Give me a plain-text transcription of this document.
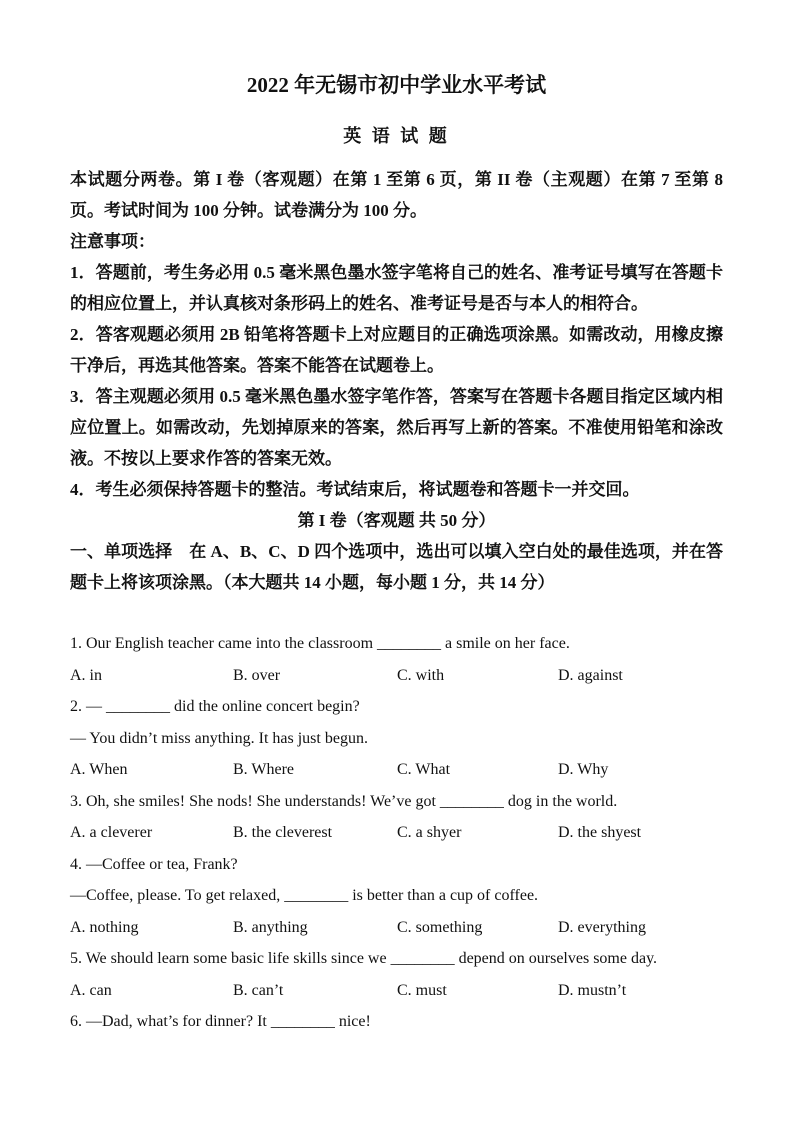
2022 年无锡市初中学业水平考试
英 语 试 题

本试题分两卷。第 I 卷（客观题）在第 1 至第 6 页，第 II 卷（主观题）在第 7 至第 8 页。考试时间为 100 分钟。试卷满分为 100 分。

注意事项：

1．答题前，考生务必用 0.5 毫米黑色墨水签字笔将自己的姓名、准考证号填写在答题卡的相应位置上，并认真核对条形码上的姓名、准考证号是否与本人的相符合。

2．答客观题必须用 2B 铅笔将答题卡上对应题目的正确选项涂黑。如需改动，用橡皮擦干净后，再选其他答案。答案不能答在试题卷上。

3．答主观题必须用 0.5 毫米黑色墨水签字笔作答，答案写在答题卡各题目指定区域内相应位置上。如需改动，先划掉原来的答案，然后再写上新的答案。不准使用铅笔和涂改液。不按以上要求作答的答案无效。

4．考生必须保持答题卡的整洁。考试结束后，将试题卷和答题卡一并交回。

第 I 卷（客观题 共 50 分）

一、单项选择　在 A、B、C、D 四个选项中，选出可以填入空白处的最佳选项，并在答题卡上将该项涂黑。（本大题共 14 小题，每小题 1 分，共 14 分）

1. Our English teacher came into the classroom ________ a smile on her face.
A. in	B. over	C. with	D. against
2. — ________ did the online concert begin?
— You didn’t miss anything. It has just begun.
A. When	B. Where	C. What	D. Why
3. Oh, she smiles! She nods! She understands! We’ve got ________ dog in the world.
A. a cleverer	B. the cleverest	C. a shyer	D. the shyest
4. —Coffee or tea, Frank?
—Coffee, please. To get relaxed, ________ is better than a cup of coffee.
A. nothing	B. anything	C. something	D. everything
5. We should learn some basic life skills since we ________ depend on ourselves some day.
A. can	B. can’t	C. must	D. mustn’t
6. —Dad, what’s for dinner? It ________ nice!
